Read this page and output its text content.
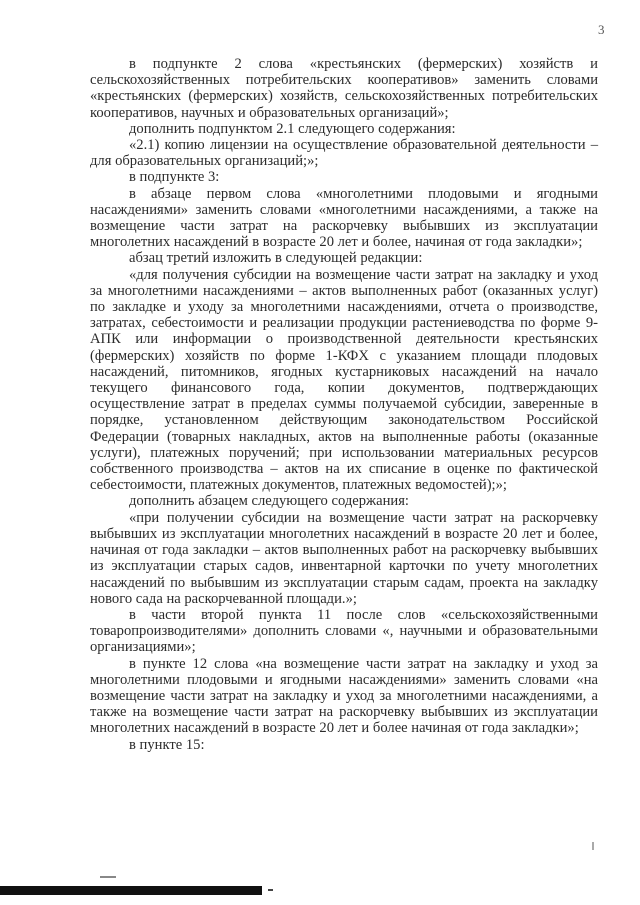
3

в подпункте 2 слова «крестьянских (фермерских) хозяйств и сельскохозяйственных потребительских кооперативов» заменить словами «крестьянских (фермерских) хозяйств, сельскохозяйственных потребительских кооперативов, научных и образовательных организаций»;

дополнить подпунктом 2.1 следующего содержания:

«2.1) копию лицензии на осуществление образовательной деятельности – для образовательных организаций;»;

в подпункте 3:

в абзаце первом слова «многолетними плодовыми и ягодными насаждениями» заменить словами «многолетними насаждениями, а также на возмещение части затрат на раскорчевку выбывших из эксплуатации многолетних насаждений в возрасте 20 лет и более, начиная от года закладки»;

абзац третий изложить в следующей редакции:

«для получения субсидии на возмещение части затрат на закладку и уход за многолетними насаждениями – актов выполненных работ (оказанных услуг) по закладке и уходу за многолетними насаждениями, отчета о производстве, затратах, себестоимости и реализации продукции растениеводства по форме 9-АПК или информации о производственной деятельности крестьянских (фермерских) хозяйств по форме 1-КФХ с указанием площади плодовых насаждений, питомников, ягодных кустарниковых насаждений на начало текущего финансового года, копии документов, подтверждающих осуществление затрат в пределах суммы получаемой субсидии, заверенные в порядке, установленном действующим законодательством Российской Федерации (товарных накладных, актов на выполненные работы (оказанные услуги), платежных поручений; при использовании материальных ресурсов собственного производства – актов на их списание в оценке по фактической себестоимости, платежных документов, платежных ведомостей);»;

дополнить абзацем следующего содержания:

«при получении субсидии на возмещение части затрат на раскорчевку выбывших из эксплуатации многолетних насаждений в возрасте 20 лет и более, начиная от года закладки – актов выполненных работ на раскорчевку выбывших из эксплуатации старых садов, инвентарной карточки по учету многолетних насаждений по выбывшим из эксплуатации старым садам, проекта на закладку нового сада на раскорчеванной площади.»;

в части второй пункта 11 после слов «сельскохозяйственными товаропроизводителями» дополнить словами «, научными и образовательными организациями»;

в пункте 12 слова «на возмещение части затрат на закладку и уход за многолетними плодовыми и ягодными насаждениями» заменить словами «на возмещение части затрат на закладку и уход за многолетними насаждениями, а также на возмещение части затрат на раскорчевку выбывших из эксплуатации многолетних насаждений в возрасте 20 лет и более начиная от года закладки»;

в пункте 15:
